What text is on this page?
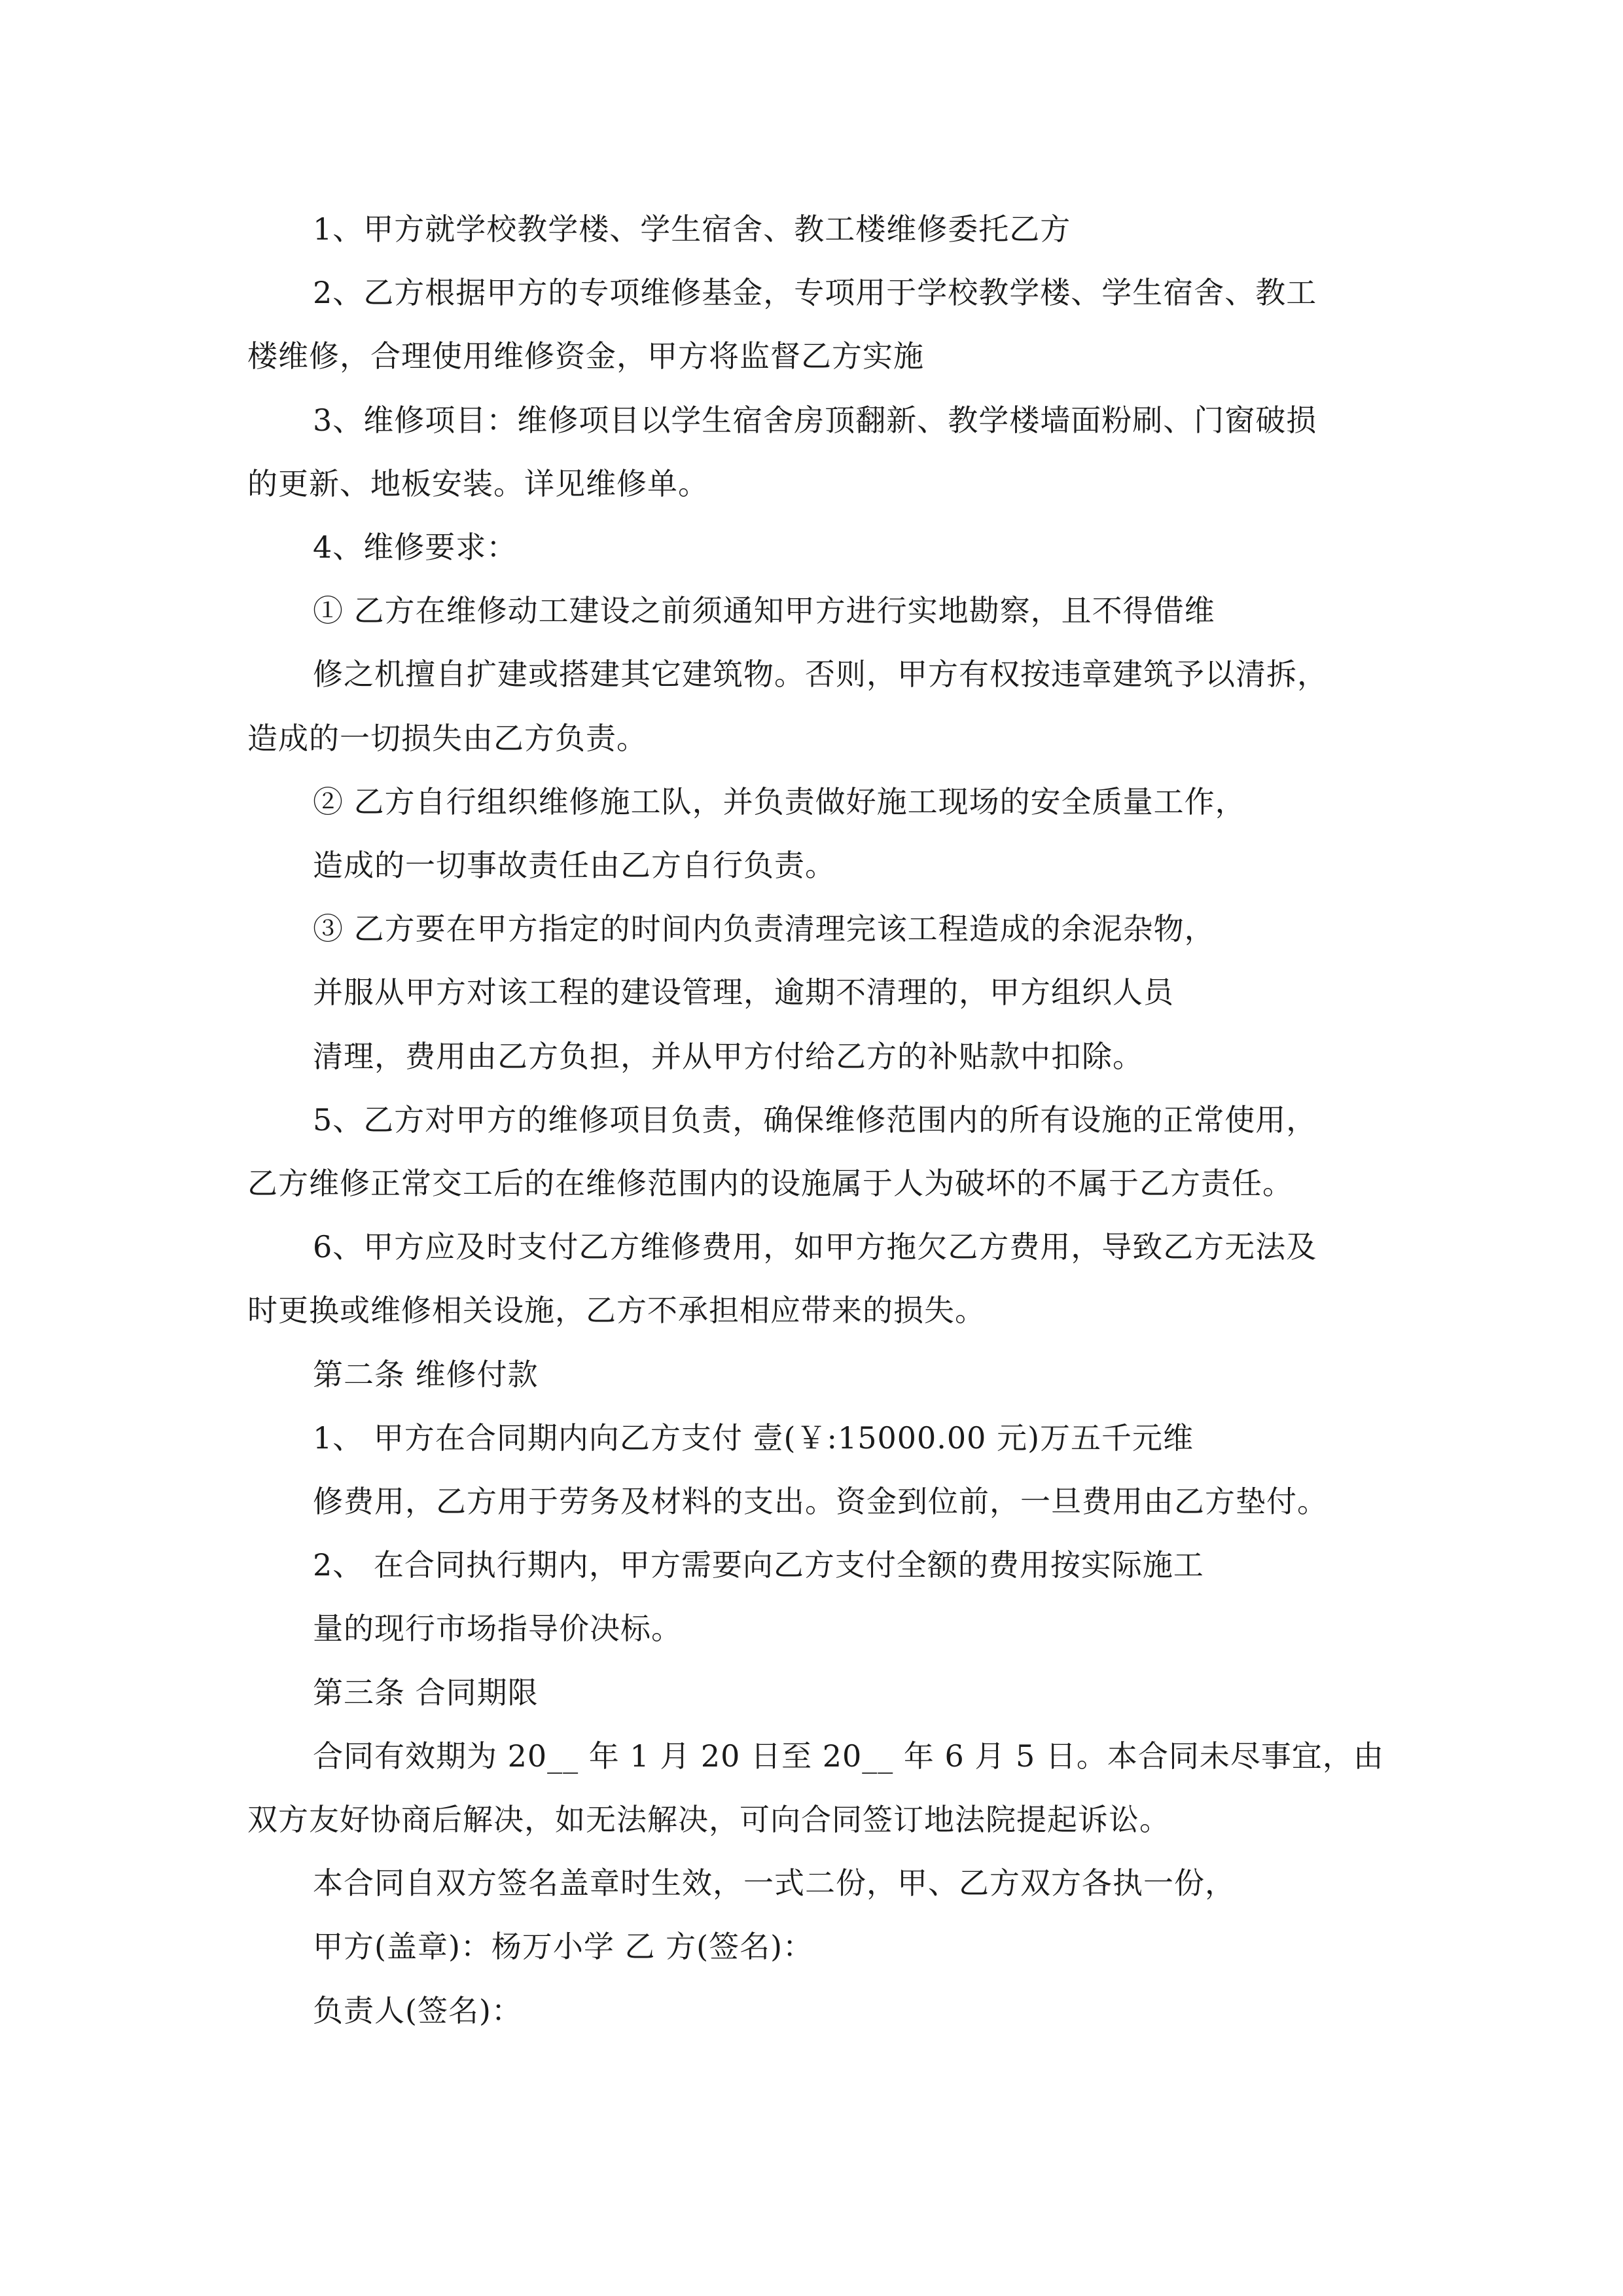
1、甲方就学校教学楼、学生宿舍、教工楼维修委托乙方
2、乙方根据甲方的专项维修基金，专项用于学校教学楼、学生宿舍、教工
楼维修，合理使用维修资金，甲方将监督乙方实施
3、维修项目：维修项目以学生宿舍房顶翻新、教学楼墙面粉刷、门窗破损
的更新、地板安装。详见维修单。
4、维修要求：
① 乙方在维修动工建设之前须通知甲方进行实地勘察，且不得借维
修之机擅自扩建或搭建其它建筑物。否则，甲方有权按违章建筑予以清拆，
造成的一切损失由乙方负责。
② 乙方自行组织维修施工队，并负责做好施工现场的安全质量工作，
造成的一切事故责任由乙方自行负责。
③ 乙方要在甲方指定的时间内负责清理完该工程造成的余泥杂物，
并服从甲方对该工程的建设管理，逾期不清理的，甲方组织人员
清理，费用由乙方负担，并从甲方付给乙方的补贴款中扣除。
5、乙方对甲方的维修项目负责，确保维修范围内的所有设施的正常使用，
乙方维修正常交工后的在维修范围内的设施属于人为破坏的不属于乙方责任。
6、甲方应及时支付乙方维修费用，如甲方拖欠乙方费用，导致乙方无法及
时更换或维修相关设施，乙方不承担相应带来的损失。
第二条 维修付款
1、 甲方在合同期内向乙方支付 壹(￥:15000.00 元)万五千元维
修费用，乙方用于劳务及材料的支出。资金到位前，一旦费用由乙方垫付。
2、 在合同执行期内，甲方需要向乙方支付全额的费用按实际施工
量的现行市场指导价决标。
第三条 合同期限
合同有效期为 20__ 年 1 月 20 日至 20__ 年 6 月 5 日。本合同未尽事宜，由
双方友好协商后解决，如无法解决，可向合同签订地法院提起诉讼。
本合同自双方签名盖章时生效，一式二份，甲、乙方双方各执一份，
甲方(盖章)：杨万小学 乙 方(签名)：
负责人(签名)：
